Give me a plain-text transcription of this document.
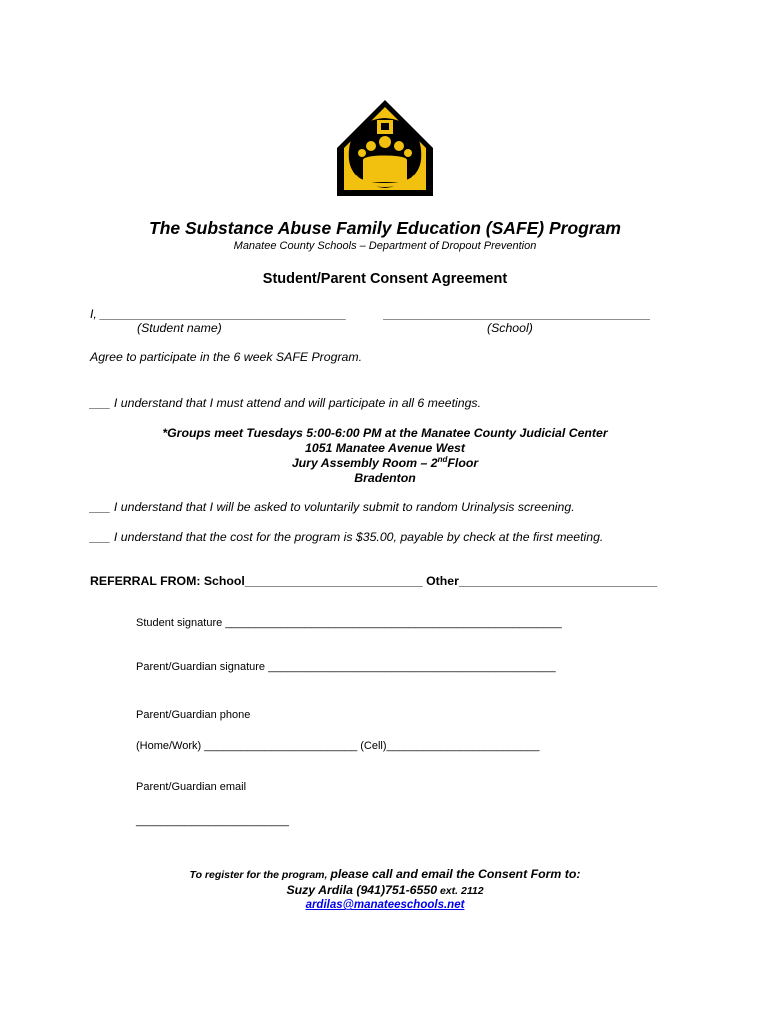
The Substance Abuse Family Education (SAFE) Program
Manatee County Schools – Department of Dropout Prevention
Student/Parent Consent Agreement
I, ____________________________________	_______________________________________
(Student name)	(School)
Agree to participate in the 6 week SAFE Program.
___ I understand that I must attend and will participate in all 6 meetings.
*Groups meet Tuesdays 5:00-6:00 PM at the Manatee County Judicial Center
1051 Manatee Avenue West
Jury Assembly Room – 2ndFloor
Bradenton
___ I understand that I will be asked to voluntarily submit to random Urinalysis screening.
___ I understand that the cost for the program is $35.00, payable by check at the first meeting.
REFERRAL FROM: School__________________________ Other_____________________________
Student signature _______________________________________________________
Parent/Guardian signature _______________________________________________
Parent/Guardian phone
(Home/Work) _________________________ (Cell)_________________________
Parent/Guardian email
_________________________
To register for the program, please call and email the Consent Form to:
Suzy Ardila (941)751-6550 ext. 2112
ardilas@manateeschools.net
